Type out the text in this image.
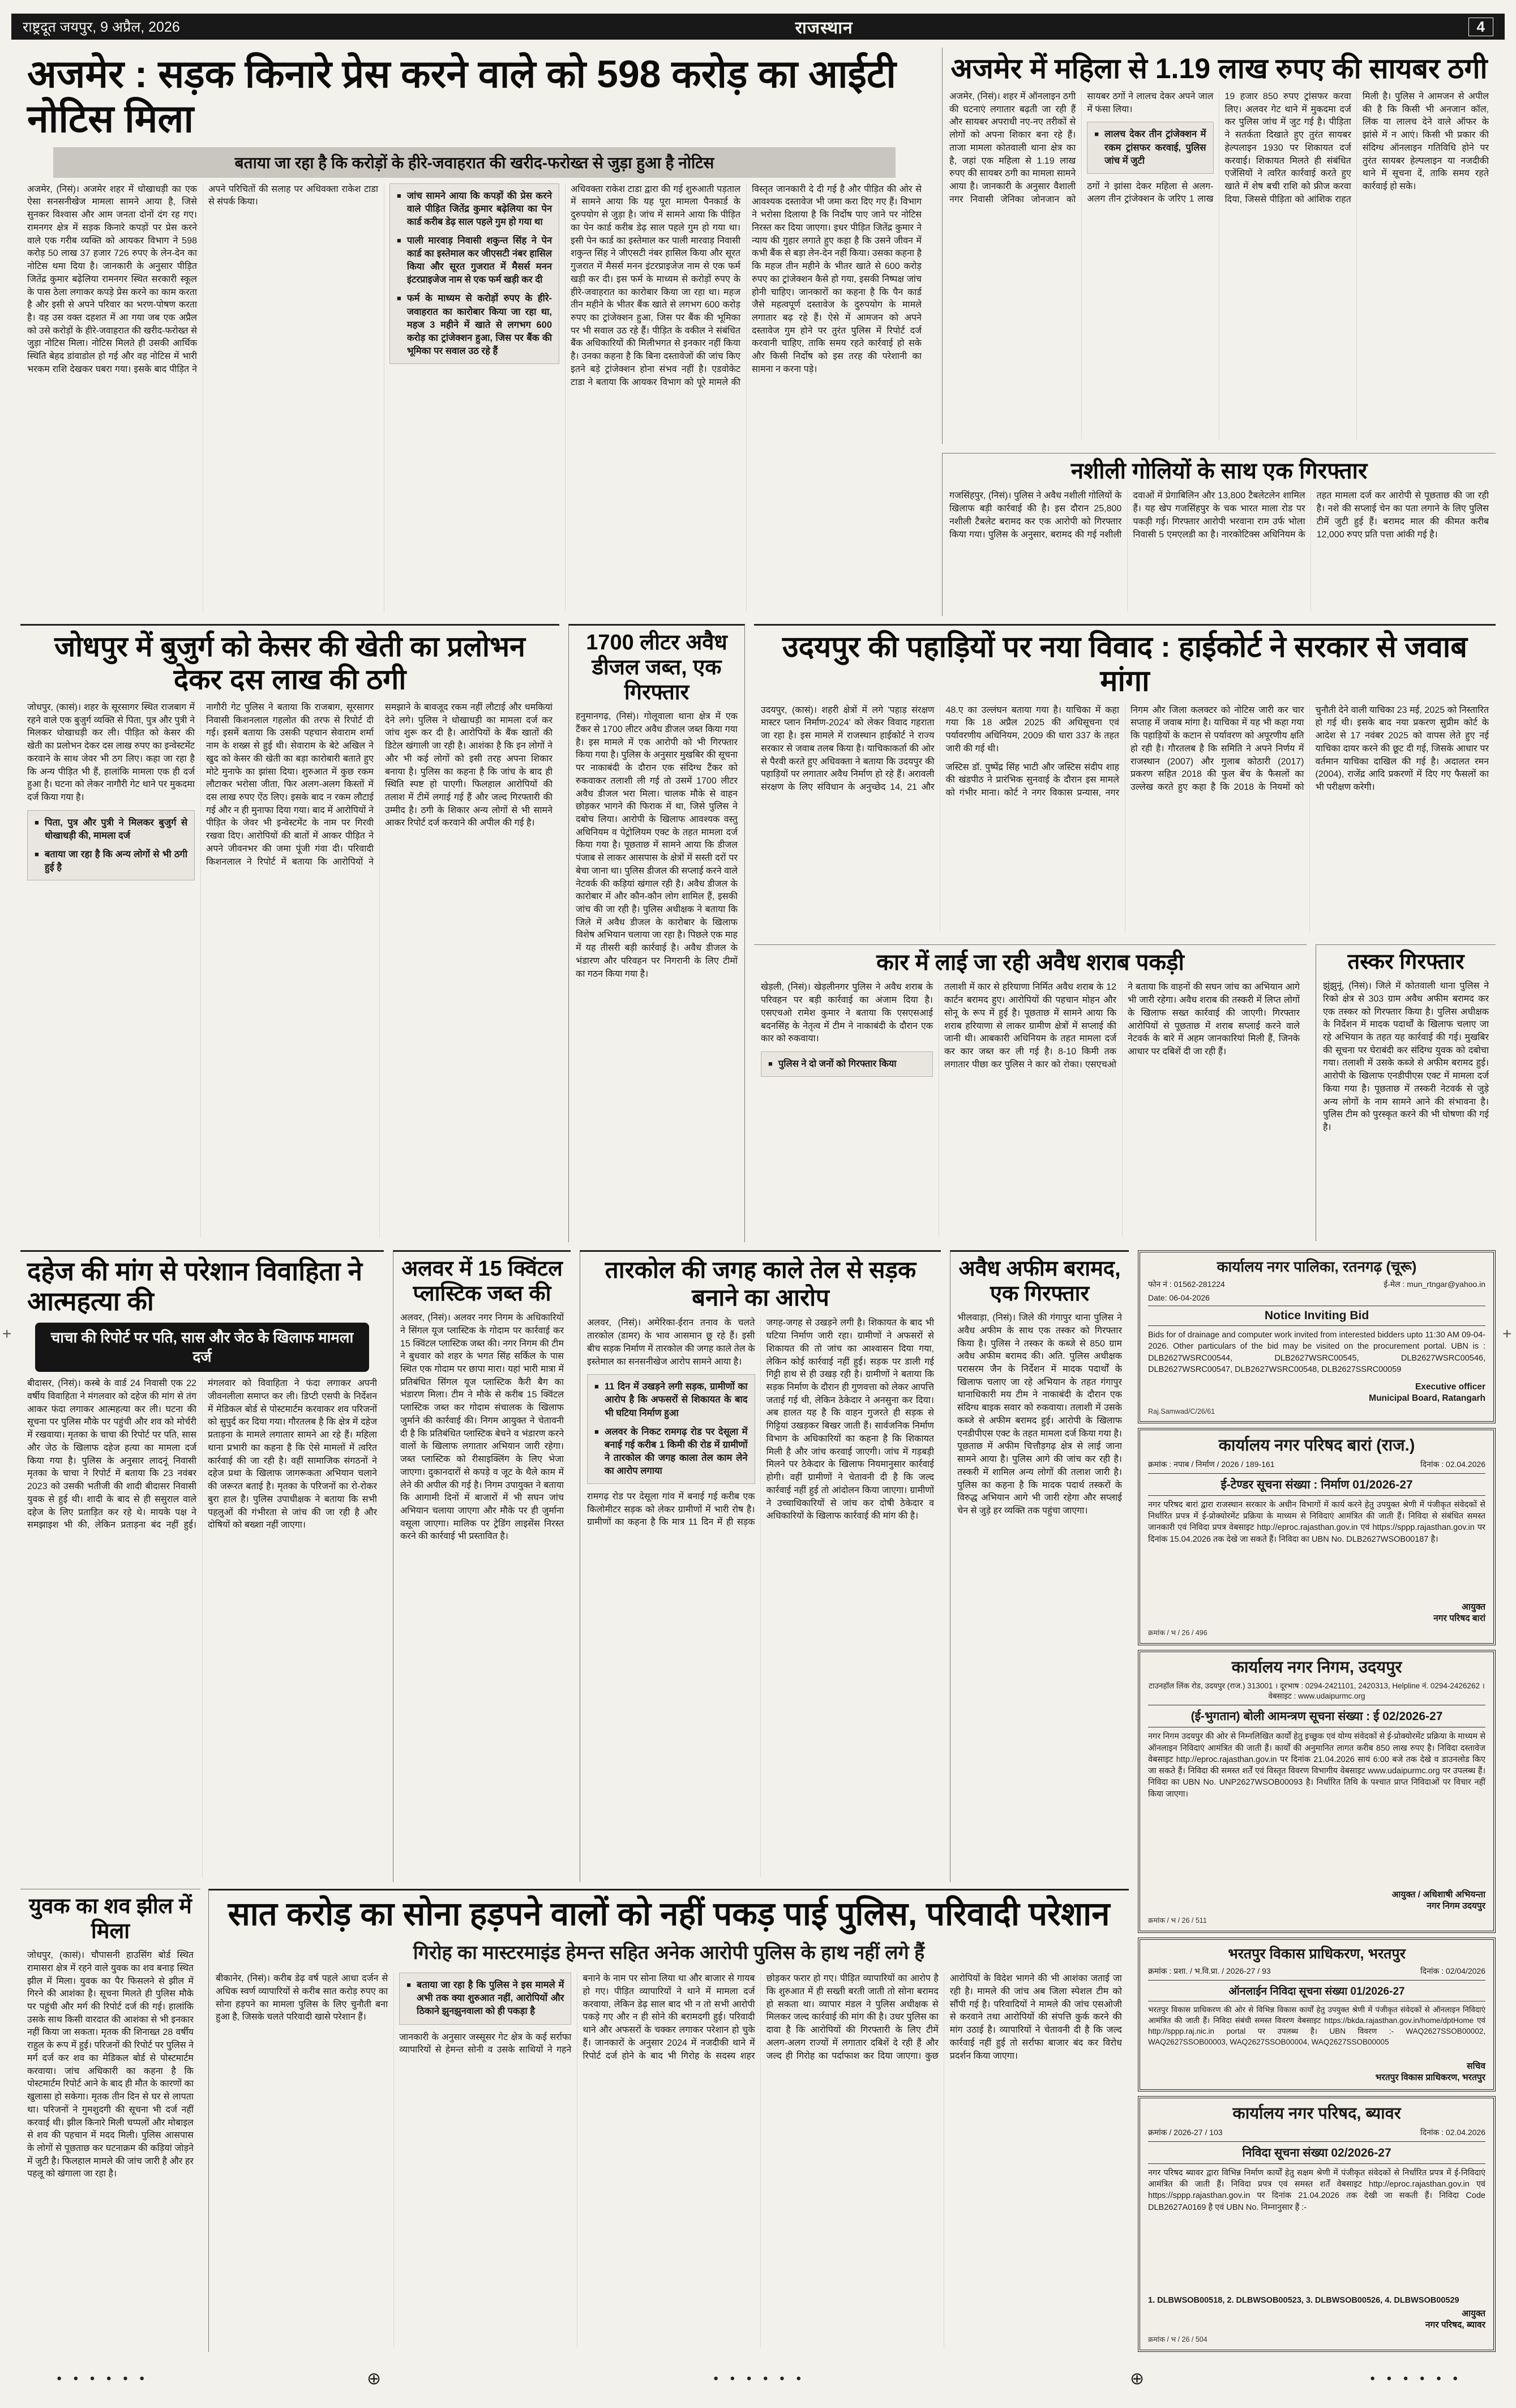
राष्ट्रदूत जयपुर, 9 अप्रैल, 2026	राजस्थान	4
अजमेर : सड़क किनारे प्रेस करने वाले को 598 करोड़ का आईटी नोटिस मिला
बताया जा रहा है कि करोड़ों के हीरे-जवाहरात की खरीद-फरोख्त से जुड़ा हुआ है नोटिस

अजमेर, (निसं)। अजमेर शहर में धोखाधड़ी का एक ऐसा सनसनीखेज मामला सामने आया है, जिसे सुनकर विश्वास और आम जनता दोनों दंग रह गए। रामनगर क्षेत्र में सड़क किनारे कपड़ों पर प्रेस करने वाले एक गरीब व्यक्ति को आयकर विभाग ने 598 करोड़ 50 लाख 37 हजार 726 रुपए के लेन-देन का नोटिस थमा दिया है। जानकारी के अनुसार पीड़ित जितेंद्र कुमार बढ़ेलिया रामनगर स्थित सरकारी स्कूल के पास ठेला लगाकर कपड़े प्रेस करने का काम करता है और इसी से अपने परिवार का भरण-पोषण करता है। वह उस वक्त दहशत में आ गया जब एक अप्रैल को उसे करोड़ों के हीरे-जवाहरात की खरीद-फरोख्त से जुड़ा नोटिस मिला। नोटिस मिलते ही उसकी आर्थिक स्थिति बेहद डांवाडोल हो गई और वह नोटिस में भारी भरकम राशि देखकर घबरा गया। इसके बाद पीड़ित ने अपने परिचितों की सलाह पर अधिवक्ता राकेश टाडा से संपर्क किया।

■ जांच सामने आया कि कपड़ों की प्रेस करने वाले पीड़ित जितेंद्र कुमार बढ़ेलिया का पेन कार्ड करीब डेढ़ साल पहले गुम हो गया था
■ पाली मारवाड़ निवासी शकुन्त सिंह ने पेन कार्ड का इस्तेमाल कर जीएसटी नंबर हासिल किया और सूरत गुजरात में मैसर्स मनन इंटरप्राइजेज नाम से एक फर्म खड़ी कर दी
■ फर्म के माध्यम से करोड़ों रुपए के हीरे-जवाहरात का कारोबार किया जा रहा था, महज 3 महीने में खाते से लगभग 600 करोड़ का ट्रांजेक्शन हुआ, जिस पर बैंक की भूमिका पर सवाल उठ रहे हैं

अधिवक्ता राकेश टाडा द्वारा की गई शुरुआती पड़ताल में सामने आया कि यह पूरा मामला पैनकार्ड के दुरुपयोग से जुड़ा है। जांच में सामने आया कि पीड़ित का पेन कार्ड करीब डेढ़ साल पहले गुम हो गया था। इसी पेन कार्ड का इस्तेमाल कर पाली मारवाड़ निवासी शकुन्त सिंह ने जीएसटी नंबर हासिल किया और सूरत गुजरात में मैसर्स मनन इंटरप्राइजेज नाम से एक फर्म खड़ी कर दी। इस फर्म के माध्यम से करोड़ों रुपए के हीरे-जवाहरात का कारोबार किया जा रहा था। महज तीन महीने के भीतर बैंक खाते से लगभग 600 करोड़ रुपए का ट्रांजेक्शन हुआ, जिस पर बैंक की भूमिका पर भी सवाल उठ रहे हैं। पीड़ित के वकील ने संबंधित बैंक अधिकारियों की मिलीभगत से इनकार नहीं किया है। उनका कहना है कि बिना दस्तावेजों की जांच किए इतने बड़े ट्रांजेक्शन होना संभव नहीं है। एडवोकेट टाडा ने बताया कि आयकर विभाग को पूरे मामले की विस्तृत जानकारी दे दी गई है और पीड़ित की ओर से आवश्यक दस्तावेज भी जमा करा दिए गए हैं। विभाग ने भरोसा दिलाया है कि निर्दोष पाए जाने पर नोटिस निरस्त कर दिया जाएगा। इधर पीड़ित जितेंद्र कुमार ने न्याय की गुहार लगाते हुए कहा है कि उसने जीवन में कभी बैंक से बड़ा लेन-देन नहीं किया। उसका कहना है कि महज तीन महीने के भीतर खाते से 600 करोड़ रुपए का ट्रांजेक्शन कैसे हो गया, इसकी निष्पक्ष जांच होनी चाहिए। जानकारों का कहना है कि पैन कार्ड जैसे महत्वपूर्ण दस्तावेज के दुरुपयोग के मामले लगातार बढ़ रहे हैं। ऐसे में आमजन को अपने दस्तावेज गुम होने पर तुरंत पुलिस में रिपोर्ट दर्ज करवानी चाहिए, ताकि समय रहते कार्रवाई हो सके और किसी निर्दोष को इस तरह की परेशानी का सामना न करना पड़े।

अजमेर में महिला से 1.19 लाख रुपए की सायबर ठगी

अजमेर, (निसं)। शहर में ऑनलाइन ठगी की घटनाएं लगातार बढ़ती जा रही हैं और सायबर अपराधी नए-नए तरीकों से लोगों को अपना शिकार बना रहे हैं। ताजा मामला कोतवाली थाना क्षेत्र का है, जहां एक महिला से 1.19 लाख रुपए की सायबर ठगी का मामला सामने आया है। जानकारी के अनुसार वैशाली नगर निवासी जेनिका जोनजान को सायबर ठगों ने लालच देकर अपने जाल में फंसा लिया।

■ लालच देकर तीन ट्रांजेक्शन में रकम ट्रांसफर करवाई, पुलिस जांच में जुटी

ठगों ने झांसा देकर महिला से अलग-अलग तीन ट्रांजेक्शन के जरिए 1 लाख 19 हजार 850 रुपए ट्रांसफर करवा लिए। अलवर गेट थाने में मुकदमा दर्ज कर पुलिस जांच में जुट गई है। पीड़िता ने सतर्कता दिखाते हुए तुरंत सायबर हेल्पलाइन 1930 पर शिकायत दर्ज करवाई। शिकायत मिलते ही संबंधित एजेंसियों ने त्वरित कार्रवाई करते हुए खाते में शेष बची राशि को फ्रीज करवा दिया, जिससे पीड़िता को आंशिक राहत मिली है। पुलिस ने आमजन से अपील की है कि किसी भी अनजान कॉल, लिंक या लालच देने वाले ऑफर के झांसे में न आएं। किसी भी प्रकार की संदिग्ध ऑनलाइन गतिविधि होने पर तुरंत सायबर हेल्पलाइन या नजदीकी थाने में सूचना दें, ताकि समय रहते कार्रवाई हो सके।

नशीली गोलियों के साथ एक गिरफ्तार

गजसिंहपुर, (निसं)। पुलिस ने अवैध नशीली गोलियों के खिलाफ बड़ी कार्रवाई की है। इस दौरान 25,800 नशीली टैबलेट बरामद कर एक आरोपी को गिरफ्तार किया गया। पुलिस के अनुसार, बरामद की गई नशीली दवाओं में प्रेगाबिलिन और 13,800 टैबलेटलेन शामिल हैं। यह खेप गजसिंहपुर के चक भारत माला रोड पर पकड़ी गई। गिरफ्तार आरोपी भरवाना राम उर्फ भोला निवासी 5 एमएलडी का है। नारकोटिक्स अधिनियम के तहत मामला दर्ज कर आरोपी से पूछताछ की जा रही है। नशे की सप्लाई चेन का पता लगाने के लिए पुलिस टीमें जुटी हुई हैं। बरामद माल की कीमत करीब 12,000 रुपए प्रति पत्ता आंकी गई है।

जोधपुर में बुजुर्ग को केसर की खेती का प्रलोभन देकर दस लाख की ठगी

जोधपुर, (कासं)। शहर के सूरसागर स्थित राजबाग में रहने वाले एक बुजुर्ग व्यक्ति से पिता, पुत्र और पुत्री ने मिलकर धोखाधड़ी कर ली। पीड़ित को केसर की खेती का प्रलोभन देकर दस लाख रुपए का इन्वेस्टमेंट करवाने के साथ जेवर भी ठग लिए। कहा जा रहा है कि अन्य पीड़ित भी हैं, हालांकि मामला एक ही दर्ज हुआ है। घटना को लेकर नागौरी गेट थाने पर मुकदमा दर्ज किया गया है।

■ पिता, पुत्र और पुत्री ने मिलकर बुजुर्ग से धोखाधड़ी की, मामला दर्ज
■ बताया जा रहा है कि अन्य लोगों से भी ठगी हुई है

नागौरी गेट पुलिस ने बताया कि राजबाग, सूरसागर निवासी किशनलाल गहलोत की तरफ से रिपोर्ट दी गई। इसमें बताया कि उसकी पहचान सेवाराम शर्मा नाम के शख्स से हुई थी। सेवाराम के बेटे अखिल ने खुद को केसर की खेती का बड़ा कारोबारी बताते हुए मोटे मुनाफे का झांसा दिया। शुरुआत में कुछ रकम लौटाकर भरोसा जीता, फिर अलग-अलग किस्तों में दस लाख रुपए ऐंठ लिए। इसके बाद न रकम लौटाई गई और न ही मुनाफा दिया गया। बाद में आरोपियों ने पीड़ित के जेवर भी इन्वेस्टमेंट के नाम पर गिरवी रखवा दिए। आरोपियों की बातों में आकर पीड़ित ने अपने जीवनभर की जमा पूंजी गंवा दी। परिवादी किशनलाल ने रिपोर्ट में बताया कि आरोपियों ने समझाने के बावजूद रकम नहीं लौटाई और धमकियां देने लगे। पुलिस ने धोखाधड़ी का मामला दर्ज कर जांच शुरू कर दी है। आरोपियों के बैंक खातों की डिटेल खंगाली जा रही है। आशंका है कि इन लोगों ने और भी कई लोगों को इसी तरह अपना शिकार बनाया है। पुलिस का कहना है कि जांच के बाद ही स्थिति स्पष्ट हो पाएगी। फिलहाल आरोपियों की तलाश में टीमें लगाई गई हैं और जल्द गिरफ्तारी की उम्मीद है। ठगी के शिकार अन्य लोगों से भी सामने आकर रिपोर्ट दर्ज करवाने की अपील की गई है।

1700 लीटर अवैध डीजल जब्त, एक गिरफ्तार

हनुमानगढ़, (निसं)। गोलूवाला थाना क्षेत्र में एक टैंकर से 1700 लीटर अवैध डीजल जब्त किया गया है। इस मामले में एक आरोपी को भी गिरफ्तार किया गया है। पुलिस के अनुसार मुखबिर की सूचना पर नाकाबंदी के दौरान एक संदिग्ध टैंकर को रुकवाकर तलाशी ली गई तो उसमें 1700 लीटर अवैध डीजल भरा मिला। चालक मौके से वाहन छोड़कर भागने की फिराक में था, जिसे पुलिस ने दबोच लिया। आरोपी के खिलाफ आवश्यक वस्तु अधिनियम व पेट्रोलियम एक्ट के तहत मामला दर्ज किया गया है। पूछताछ में सामने आया कि डीजल पंजाब से लाकर आसपास के क्षेत्रों में सस्ती दरों पर बेचा जाना था। पुलिस डीजल की सप्लाई करने वाले नेटवर्क की कड़ियां खंगाल रही है। अवैध डीजल के कारोबार में और कौन-कौन लोग शामिल हैं, इसकी जांच की जा रही है। पुलिस अधीक्षक ने बताया कि जिले में अवैध डीजल के कारोबार के खिलाफ विशेष अभियान चलाया जा रहा है। पिछले एक माह में यह तीसरी बड़ी कार्रवाई है। अवैध डीजल के भंडारण और परिवहन पर निगरानी के लिए टीमों का गठन किया गया है।

उदयपुर की पहाड़ियों पर नया विवाद : हाईकोर्ट ने सरकार से जवाब मांगा

उदयपुर, (कासं)। शहरी क्षेत्रों में लगे 'पहाड़ संरक्षण मास्टर प्लान निर्माण-2024' को लेकर विवाद गहराता जा रहा है। इस मामले में राजस्थान हाईकोर्ट ने राज्य सरकार से जवाब तलब किया है। याचिकाकर्ता की ओर से पैरवी करते हुए अधिवक्ता ने बताया कि उदयपुर की पहाड़ियों पर लगातार अवैध निर्माण हो रहे हैं। अरावली संरक्षण के लिए संविधान के अनुच्छेद 14, 21 और 48.ए का उल्लंघन बताया गया है। याचिका में कहा गया कि 18 अप्रैल 2025 की अधिसूचना एवं पर्यावरणीय अधिनियम, 2009 की धारा 337 के तहत जारी की गई थी।

जस्टिस डॉ. पुष्पेंद्र सिंह भाटी और जस्टिस संदीप शाह की खंडपीठ ने प्रारंभिक सुनवाई के दौरान इस मामले को गंभीर माना। कोर्ट ने नगर विकास प्रन्यास, नगर निगम और जिला कलक्टर को नोटिस जारी कर चार सप्ताह में जवाब मांगा है। याचिका में यह भी कहा गया कि पहाड़ियों के कटान से पर्यावरण को अपूरणीय क्षति हो रही है। गौरतलब है कि समिति ने अपने निर्णय में राजस्थान (2007) और गुलाब कोठारी (2017) प्रकरण सहित 2018 की फुल बेंच के फैसलों का उल्लेख करते हुए कहा है कि 2018 के नियमों को चुनौती देने वाली याचिका 23 मई, 2025 को निस्तारित हो गई थी। इसके बाद नया प्रकरण सुप्रीम कोर्ट के आदेश से 17 नवंबर 2025 को वापस लेते हुए नई याचिका दायर करने की छूट दी गई, जिसके आधार पर वर्तमान याचिका दाखिल की गई है। अदालत रमन (2004), राजेंद्र आदि प्रकरणों में दिए गए फैसलों का भी परीक्षण करेगी।

कार में लाई जा रही अवैध शराब पकड़ी

खेड़ली, (निसं)। खेड़लीनगर पुलिस ने अवैध शराब के परिवहन पर बड़ी कार्रवाई का अंजाम दिया है। एसएचओ रामेश कुमार ने बताया कि एसएसआई बदनसिंह के नेतृत्व में टीम ने नाकाबंदी के दौरान एक कार को रुकवाया।

■ पुलिस ने दो जनों को गिरफ्तार किया

तलाशी में कार से हरियाणा निर्मित अवैध शराब के 12 कार्टन बरामद हुए। आरोपियों की पहचान मोहन और सोनू के रूप में हुई है। पूछताछ में सामने आया कि शराब हरियाणा से लाकर ग्रामीण क्षेत्रों में सप्लाई की जानी थी। आबकारी अधिनियम के तहत मामला दर्ज कर कार जब्त कर ली गई है। 8-10 किमी तक लगातार पीछा कर पुलिस ने कार को रोका। एसएचओ ने बताया कि वाहनों की सघन जांच का अभियान आगे भी जारी रहेगा। अवैध शराब की तस्करी में लिप्त लोगों के खिलाफ सख्त कार्रवाई की जाएगी। गिरफ्तार आरोपियों से पूछताछ में शराब सप्लाई करने वाले नेटवर्क के बारे में अहम जानकारियां मिली हैं, जिनके आधार पर दबिशें दी जा रही हैं।

तस्कर गिरफ्तार

झुंझुनूं, (निसं)। जिले में कोतवाली थाना पुलिस ने रिको क्षेत्र से 303 ग्राम अवैध अफीम बरामद कर एक तस्कर को गिरफ्तार किया है। पुलिस अधीक्षक के निर्देशन में मादक पदार्थों के खिलाफ चलाए जा रहे अभियान के तहत यह कार्रवाई की गई। मुखबिर की सूचना पर घेराबंदी कर संदिग्ध युवक को दबोचा गया। तलाशी में उसके कब्जे से अफीम बरामद हुई। आरोपी के खिलाफ एनडीपीएस एक्ट में मामला दर्ज किया गया है। पूछताछ में तस्करी नेटवर्क से जुड़े अन्य लोगों के नाम सामने आने की संभावना है। पुलिस टीम को पुरस्कृत करने की भी घोषणा की गई है।

दहेज की मांग से परेशान विवाहिता ने आत्महत्या की
चाचा की रिपोर्ट पर पति, सास और जेठ के खिलाफ मामला दर्ज

बीदासर, (निसं)। कस्बे के वार्ड 24 निवासी एक 22 वर्षीय विवाहिता ने मंगलवार को दहेज की मांग से तंग आकर फंदा लगाकर आत्महत्या कर ली। घटना की सूचना पर पुलिस मौके पर पहुंची और शव को मोर्चरी में रखवाया। मृतका के चाचा की रिपोर्ट पर पति, सास और जेठ के खिलाफ दहेज हत्या का मामला दर्ज किया गया है। पुलिस के अनुसार लादनूं निवासी मृतका के चाचा ने रिपोर्ट में बताया कि 23 नवंबर 2023 को उसकी भतीजी की शादी बीदासर निवासी युवक से हुई थी। शादी के बाद से ही ससुराल वाले दहेज के लिए प्रताड़ित कर रहे थे। मायके पक्ष ने समझाइश भी की, लेकिन प्रताड़ना बंद नहीं हुई। मंगलवार को विवाहिता ने फंदा लगाकर अपनी जीवनलीला समाप्त कर ली। डिप्टी एसपी के निर्देशन में मेडिकल बोर्ड से पोस्टमार्टम करवाकर शव परिजनों को सुपुर्द कर दिया गया। गौरतलब है कि क्षेत्र में दहेज प्रताड़ना के मामले लगातार सामने आ रहे हैं। महिला थाना प्रभारी का कहना है कि ऐसे मामलों में त्वरित कार्रवाई की जा रही है। वहीं सामाजिक संगठनों ने दहेज प्रथा के खिलाफ जागरूकता अभियान चलाने की जरूरत बताई है। मृतका के परिजनों का रो-रोकर बुरा हाल है। पुलिस उपाधीक्षक ने बताया कि सभी पहलुओं की गंभीरता से जांच की जा रही है और दोषियों को बख्शा नहीं जाएगा।

अलवर में 15 क्विंटल प्लास्टिक जब्त की

अलवर, (निसं)। अलवर नगर निगम के अधिकारियों ने सिंगल यूज प्लास्टिक के गोदाम पर कार्रवाई कर 15 क्विंटल प्लास्टिक जब्त की। नगर निगम की टीम ने बुधवार को शहर के भगत सिंह सर्किल के पास स्थित एक गोदाम पर छापा मारा। यहां भारी मात्रा में प्रतिबंधित सिंगल यूज प्लास्टिक कैरी बैग का भंडारण मिला। टीम ने मौके से करीब 15 क्विंटल प्लास्टिक जब्त कर गोदाम संचालक के खिलाफ जुर्माने की कार्रवाई की। निगम आयुक्त ने चेतावनी दी है कि प्रतिबंधित प्लास्टिक बेचने व भंडारण करने वालों के खिलाफ लगातार अभियान जारी रहेगा। जब्त प्लास्टिक को रीसाइक्लिंग के लिए भेजा जाएगा। दुकानदारों से कपड़े व जूट के थैले काम में लेने की अपील की गई है। निगम उपायुक्त ने बताया कि आगामी दिनों में बाजारों में भी सघन जांच अभियान चलाया जाएगा और मौके पर ही जुर्माना वसूला जाएगा। मालिक पर ट्रेडिंग लाइसेंस निरस्त करने की कार्रवाई भी प्रस्तावित है।

तारकोल की जगह काले तेल से सड़क बनाने का आरोप

अलवर, (निसं)। अमेरिका-ईरान तनाव के चलते तारकोल (डामर) के भाव आसमान छू रहे हैं। इसी बीच सड़क निर्माण में तारकोल की जगह काले तेल के इस्तेमाल का सनसनीखेज आरोप सामने आया है।

■ 11 दिन में उखड़ने लगी सड़क, ग्रामीणों का आरोप है कि अफसरों से शिकायत के बाद भी घटिया निर्माण हुआ
■ अलवर के निकट रामगढ़ रोड पर देसूला में बनाई गई करीब 1 किमी की रोड में ग्रामीणों ने तारकोल की जगह काला तेल काम लेने का आरोप लगाया

रामगढ़ रोड पर देसूला गांव में बनाई गई करीब एक किलोमीटर सड़क को लेकर ग्रामीणों में भारी रोष है। ग्रामीणों का कहना है कि मात्र 11 दिन में ही सड़क जगह-जगह से उखड़ने लगी है। शिकायत के बाद भी घटिया निर्माण जारी रहा। ग्रामीणों ने अफसरों से शिकायत की तो जांच का आश्वासन दिया गया, लेकिन कोई कार्रवाई नहीं हुई। सड़क पर डाली गई गिट्टी हाथ से ही उखड़ रही है। ग्रामीणों ने बताया कि सड़क निर्माण के दौरान ही गुणवत्ता को लेकर आपत्ति जताई गई थी, लेकिन ठेकेदार ने अनसुना कर दिया। अब हालत यह है कि वाहन गुजरते ही सड़क से गिट्टियां उखड़कर बिखर जाती हैं। सार्वजनिक निर्माण विभाग के अधिकारियों का कहना है कि शिकायत मिली है और जांच करवाई जाएगी। जांच में गड़बड़ी मिलने पर ठेकेदार के खिलाफ नियमानुसार कार्रवाई होगी। वहीं ग्रामीणों ने चेतावनी दी है कि जल्द कार्रवाई नहीं हुई तो आंदोलन किया जाएगा। ग्रामीणों ने उच्चाधिकारियों से जांच कर दोषी ठेकेदार व अधिकारियों के खिलाफ कार्रवाई की मांग की है।

अवैध अफीम बरामद, एक गिरफ्तार

भीलवाड़ा, (निसं)। जिले की गंगापुर थाना पुलिस ने अवैध अफीम के साथ एक तस्कर को गिरफ्तार किया है। पुलिस ने तस्कर के कब्जे से 850 ग्राम अवैध अफीम बरामद की। अति. पुलिस अधीक्षक परासरम जैन के निर्देशन में मादक पदार्थों के खिलाफ चलाए जा रहे अभियान के तहत गंगापुर थानाधिकारी मय टीम ने नाकाबंदी के दौरान एक संदिग्ध बाइक सवार को रुकवाया। तलाशी में उसके कब्जे से अफीम बरामद हुई। आरोपी के खिलाफ एनडीपीएस एक्ट के तहत मामला दर्ज किया गया है। पूछताछ में अफीम चित्तौड़गढ़ क्षेत्र से लाई जाना सामने आया है। पुलिस आगे की जांच कर रही है। तस्करी में शामिल अन्य लोगों की तलाश जारी है। पुलिस का कहना है कि मादक पदार्थ तस्करों के विरुद्ध अभियान आगे भी जारी रहेगा और सप्लाई चेन से जुड़े हर व्यक्ति तक पहुंचा जाएगा।

युवक का शव झील में मिला

जोधपुर, (कासं)। चौपासनी हाउसिंग बोर्ड स्थित रामासरा क्षेत्र में रहने वाले युवक का शव बनाड़ स्थित झील में मिला। युवक का पैर फिसलने से झील में गिरने की आशंका है। सूचना मिलते ही पुलिस मौके पर पहुंची और मर्ग की रिपोर्ट दर्ज की गई। हालांकि उसके साथ किसी वारदात की आशंका से भी इनकार नहीं किया जा सकता। मृतक की शिनाख्त 28 वर्षीय राहुल के रूप में हुई। परिजनों की रिपोर्ट पर पुलिस ने मर्ग दर्ज कर शव का मेडिकल बोर्ड से पोस्टमार्टम करवाया। जांच अधिकारी का कहना है कि पोस्टमार्टम रिपोर्ट आने के बाद ही मौत के कारणों का खुलासा हो सकेगा। मृतक तीन दिन से घर से लापता था। परिजनों ने गुमशुदगी की सूचना भी दर्ज नहीं करवाई थी। झील किनारे मिली चप्पलों और मोबाइल से शव की पहचान में मदद मिली। पुलिस आसपास के लोगों से पूछताछ कर घटनाक्रम की कड़ियां जोड़ने में जुटी है। फिलहाल मामले की जांच जारी है और हर पहलू को खंगाला जा रहा है।

सात करोड़ का सोना हड़पने वालों को नहीं पकड़ पाई पुलिस, परिवादी परेशान
गिरोह का मास्टरमाइंड हेमन्त सहित अनेक आरोपी पुलिस के हाथ नहीं लगे हैं

बीकानेर, (निसं)। करीब डेढ़ वर्ष पहले आधा दर्जन से अधिक स्वर्ण व्यापारियों से करीब सात करोड़ रुपए का सोना हड़पने का मामला पुलिस के लिए चुनौती बना हुआ है, जिसके चलते परिवादी खासे परेशान हैं।

■ बताया जा रहा है कि पुलिस ने इस मामले में अभी तक क्या शुरुआत नहीं, आरोपियों और ठिकाने झुनझुनवाला को ही पकड़ा है

जानकारी के अनुसार जस्सूसर गेट क्षेत्र के कई सर्राफा व्यापारियों से हेमन्त सोनी व उसके साथियों ने गहने बनाने के नाम पर सोना लिया था और बाजार से गायब हो गए। पीड़ित व्यापारियों ने थाने में मामला दर्ज करवाया, लेकिन डेढ़ साल बाद भी न तो सभी आरोपी पकड़े गए और न ही सोने की बरामदगी हुई। परिवादी थाने और अफसरों के चक्कर लगाकर परेशान हो चुके हैं। जानकारों के अनुसार 2024 में नजदीकी थाने में रिपोर्ट दर्ज होने के बाद भी गिरोह के सदस्य शहर छोड़कर फरार हो गए। पीड़ित व्यापारियों का आरोप है कि शुरुआत में ही सख्ती बरती जाती तो सोना बरामद हो सकता था। व्यापार मंडल ने पुलिस अधीक्षक से मिलकर जल्द कार्रवाई की मांग की है। उधर पुलिस का दावा है कि आरोपियों की गिरफ्तारी के लिए टीमें अलग-अलग राज्यों में लगातार दबिशें दे रही हैं और जल्द ही गिरोह का पर्दाफाश कर दिया जाएगा। कुछ आरोपियों के विदेश भागने की भी आशंका जताई जा रही है। मामले की जांच अब जिला स्पेशल टीम को सौंपी गई है। परिवादियों ने मामले की जांच एसओजी से करवाने तथा आरोपियों की संपत्ति कुर्क करने की मांग उठाई है। व्यापारियों ने चेतावनी दी है कि जल्द कार्रवाई नहीं हुई तो सर्राफा बाजार बंद कर विरोध प्रदर्शन किया जाएगा।

कार्यालय नगर पालिका, रतनगढ़ (चूरू)
फोन नं : 01562-281224	ई-मेल : mun_rtngar@yahoo.in
Date: 06-04-2026
Notice Inviting Bid
Bids for of drainage and computer work invited from interested bidders upto 11:30 AM 09-04-2026. Other particulars of the bid may be visited on the procurement portal. UBN is : DLB2627WSRC00544, DLB2627WSRC00545, DLB2627WSRC00546, DLB2627WSRC00547, DLB2627WSRC00548, DLB2627SSRC00059
Executive officer
Municipal Board, Ratangarh
Raj.Samwad/C/26/61
कार्यालय नगर परिषद बारां (राज.)
क्रमांक : नपाब / निर्माण / 2026 / 189-161	दिनांक : 02.04.2026
ई-टेण्डर सूचना संख्या : निर्माण 01/2026-27
नगर परिषद बारां द्वारा राजस्थान सरकार के अधीन विभागों में कार्य करने हेतु उपयुक्त श्रेणी में पंजीकृत संवेदकों से निर्धारित प्रपत्र में ई-प्रोक्योरमेंट प्रक्रिया के माध्यम से निविदाएं आमंत्रित की जाती हैं। निविदा से संबंधित समस्त जानकारी एवं निविदा प्रपत्र वेबसाइट http://eproc.rajasthan.gov.in एवं https://sppp.rajasthan.gov.in पर दिनांक 15.04.2026 तक देखे जा सकते हैं। निविदा का UBN No. DLB2627WSOB00187 है।
आयुक्त
नगर परिषद बारां
क्रमांक / भ / 26 / 496
कार्यालय नगर निगम, उदयपुर
टाउनहॉल लिंक रोड, उदयपुर (राज.) 313001 । दूरभाष : 0294-2421101, 2420313, Helpline नं. 0294-2426262 । वेबसाइट : www.udaipurmc.org
(ई-भुगतान) बोली आमन्त्रण सूचना संख्या : ई 02/2026-27
नगर निगम उदयपुर की ओर से निम्नलिखित कार्यों हेतु इच्छुक एवं योग्य संवेदकों से ई-प्रोक्योरमेंट प्रक्रिया के माध्यम से ऑनलाइन निविदाएं आमंत्रित की जाती हैं। कार्यों की अनुमानित लागत करीब 850 लाख रुपए है। निविदा दस्तावेज वेबसाइट http://eproc.rajasthan.gov.in पर दिनांक 21.04.2026 सायं 6:00 बजे तक देखे व डाउनलोड किए जा सकते हैं। निविदा की समस्त शर्तें एवं विस्तृत विवरण विभागीय वेबसाइट www.udaipurmc.org पर उपलब्ध हैं। निविदा का UBN No. UNP2627WSOB00093 है। निर्धारित तिथि के पश्चात प्राप्त निविदाओं पर विचार नहीं किया जाएगा।
आयुक्त / अधिशाषी अभियन्ता
नगर निगम उदयपुर
क्रमांक / भ / 26 / 511
भरतपुर विकास प्राधिकरण, भरतपुर
क्रमांक : प्रशा. / भ.वि.प्रा. / 2026-27 / 93	दिनांक : 02/04/2026
ऑनलाईन निविदा सूचना संख्या 01/2026-27
भरतपुर विकास प्राधिकरण की ओर से विभिन्न विकास कार्यों हेतु उपयुक्त श्रेणी में पंजीकृत संवेदकों से ऑनलाइन निविदाएं आमंत्रित की जाती हैं। निविदा संबंधी समस्त विवरण वेबसाइट https://bkda.rajasthan.gov.in/home/dptHome एवं http://sppp.raj.nic.in portal पर उपलब्ध है। UBN विवरण :- WAQ2627SSOB00002, WAQ2627SSOB00003, WAQ2627SSOB00004, WAQ2627SSOB00005
सचिव
भरतपुर विकास प्राधिकरण, भरतपुर
कार्यालय नगर परिषद, ब्यावर
क्रमांक / 2026-27 / 103	दिनांक : 02.04.2026
निविदा सूचना संख्या 02/2026-27
नगर परिषद ब्यावर द्वारा विभिन्न निर्माण कार्यों हेतु सक्षम श्रेणी में पंजीकृत संवेदकों से निर्धारित प्रपत्र में ई-निविदाएं आमंत्रित की जाती हैं। निविदा प्रपत्र एवं समस्त शर्तें वेबसाइट http://eproc.rajasthan.gov.in एवं https://sppp.rajasthan.gov.in पर दिनांक 21.04.2026 तक देखी जा सकती हैं। निविदा Code DLB2627A0169 है एवं UBN No. निम्नानुसार हैं :-
1. DLBWSOB00518, 2. DLBWSOB00523, 3. DLBWSOB00526, 4. DLBWSOB00529
आयुक्त
नगर परिषद, ब्यावर
क्रमांक / भ / 26 / 504
● ● ● ● ● ●	⊕	● ● ● ● ● ●	⊕	● ● ● ● ● ●
+	+
